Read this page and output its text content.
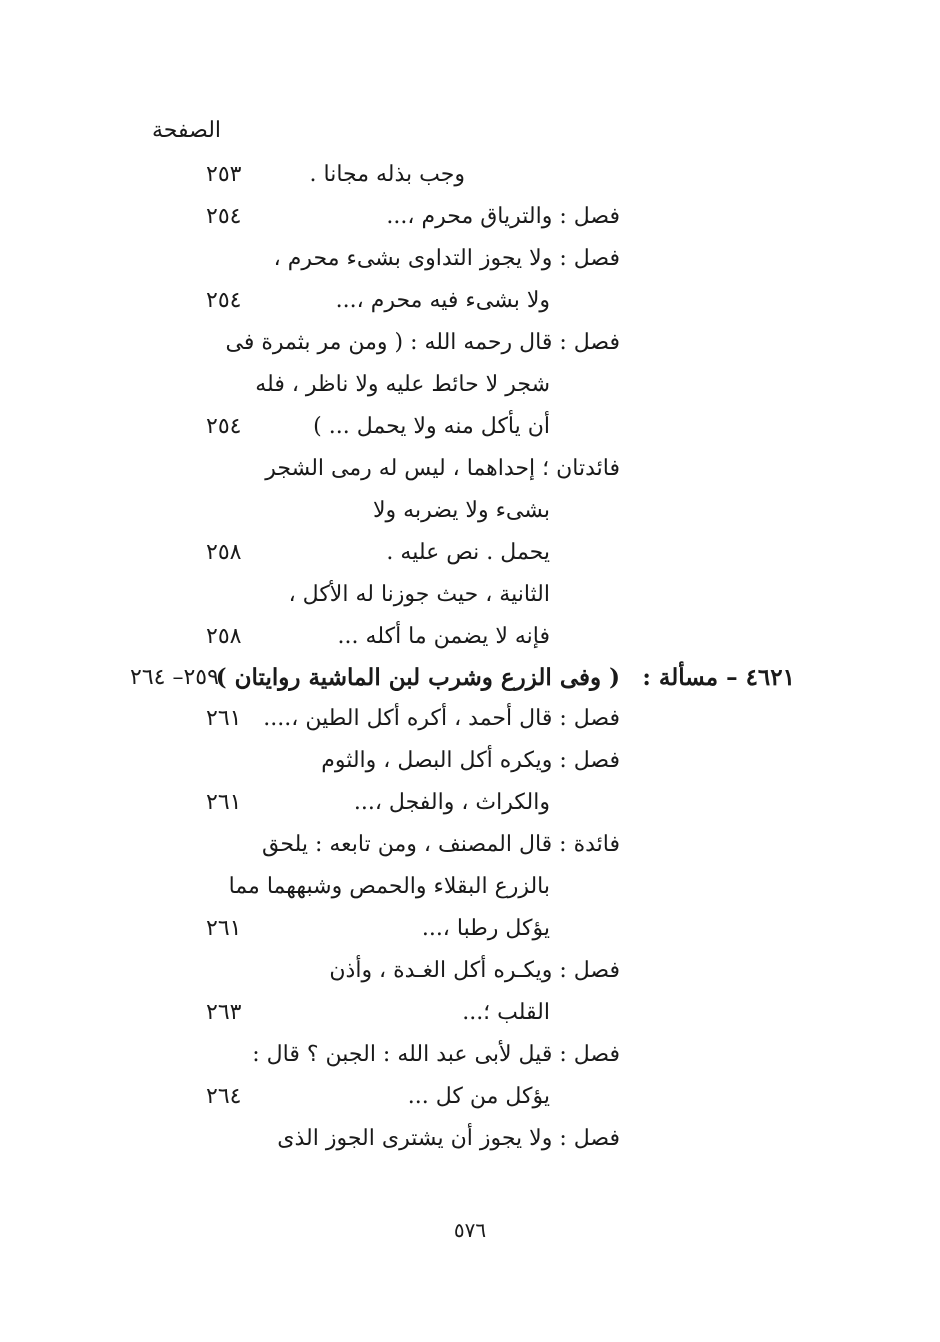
الصفحة
وجب بذله مجانا .
٢٥٣
فصل : والترياق محرم ،...
٢٥٤
فصل : ولا يجوز التداوى بشىء محرم ،
ولا بشىء فيه محرم ،...
٢٥٤
فصل : قال رحمه الله : ( ومن مر بثمرة فى
شجر لا حائط عليه ولا ناظر ، فله
أن يأكل منه ولا يحمل ... )
٢٥٤
فائدتان ؛ إحداهما ، ليس له رمى الشجر
بشىء ولا يضربه ولا
يحمل . نص عليه .
٢٥٨
الثانية ، حيث جوزنا له الأكل ،
فإنه لا يضمن ما أكله ...
٢٥٨
٤٦٢١ – مسألة :
( وفى الزرع وشرب لبن الماشية روايتان )
٢٥٩– ٢٦٤
فصل : قال أحمد ، أكره أكل الطين ،....
٢٦١
فصل : ويكره أكل البصل ، والثوم
والكراث ، والفجل ،...
٢٦١
فائدة : قال المصنف ، ومن تابعه : يلحق
بالزرع البقلاء والحمص وشبههما مما
يؤكل رطبا ،...
٢٦١
فصل : ويكـره أكل الغـدة ، وأذن
القلب ؛...
٢٦٣
فصل : قيل لأبى عبد الله : الجبن ؟ قال :
يؤكل من كل ...
٢٦٤
فصل : ولا يجوز أن يشترى الجوز الذى
٥٧٦
